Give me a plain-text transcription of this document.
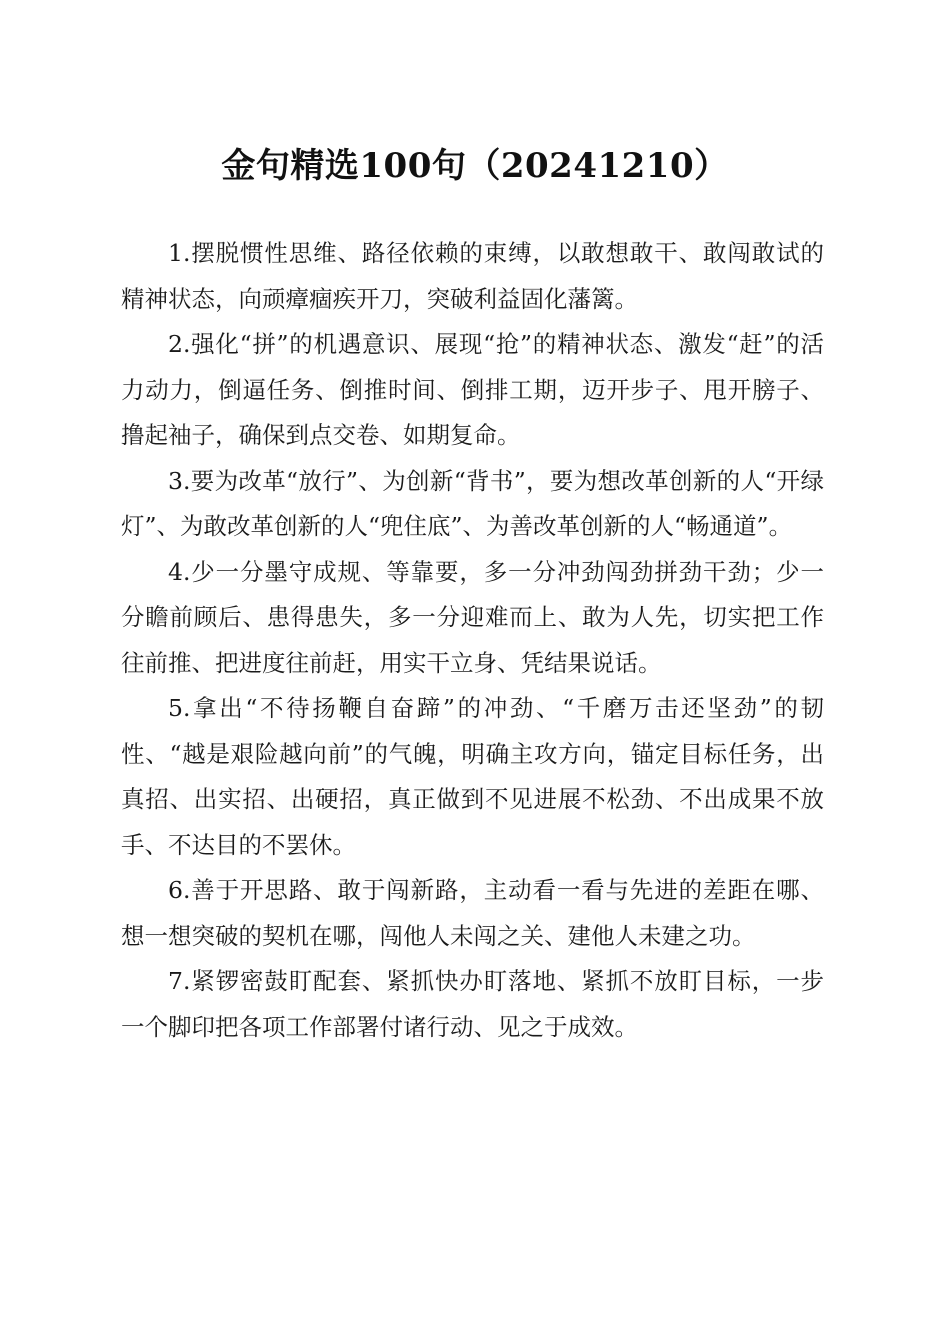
金句精选100句（20241210）

1.摆脱惯性思维、路径依赖的束缚，以敢想敢干、敢闯敢试的精神状态，向顽瘴痼疾开刀，突破利益固化藩篱。

2.强化“拼”的机遇意识、展现“抢”的精神状态、激发“赶”的活力动力，倒逼任务、倒推时间、倒排工期，迈开步子、甩开膀子、撸起袖子，确保到点交卷、如期复命。

3.要为改革“放行”、为创新“背书”，要为想改革创新的人“开绿灯”、为敢改革创新的人“兜住底”、为善改革创新的人“畅通道”。

4.少一分墨守成规、等靠要，多一分冲劲闯劲拼劲干劲；少一分瞻前顾后、患得患失，多一分迎难而上、敢为人先，切实把工作往前推、把进度往前赶，用实干立身、凭结果说话。

5.拿出“不待扬鞭自奋蹄”的冲劲、“千磨万击还坚劲”的韧性、“越是艰险越向前”的气魄，明确主攻方向，锚定目标任务，出真招、出实招、出硬招，真正做到不见进展不松劲、不出成果不放手、不达目的不罢休。

6.善于开思路、敢于闯新路，主动看一看与先进的差距在哪、想一想突破的契机在哪，闯他人未闯之关、建他人未建之功。

7.紧锣密鼓盯配套、紧抓快办盯落地、紧抓不放盯目标，一步一个脚印把各项工作部署付诸行动、见之于成效。
